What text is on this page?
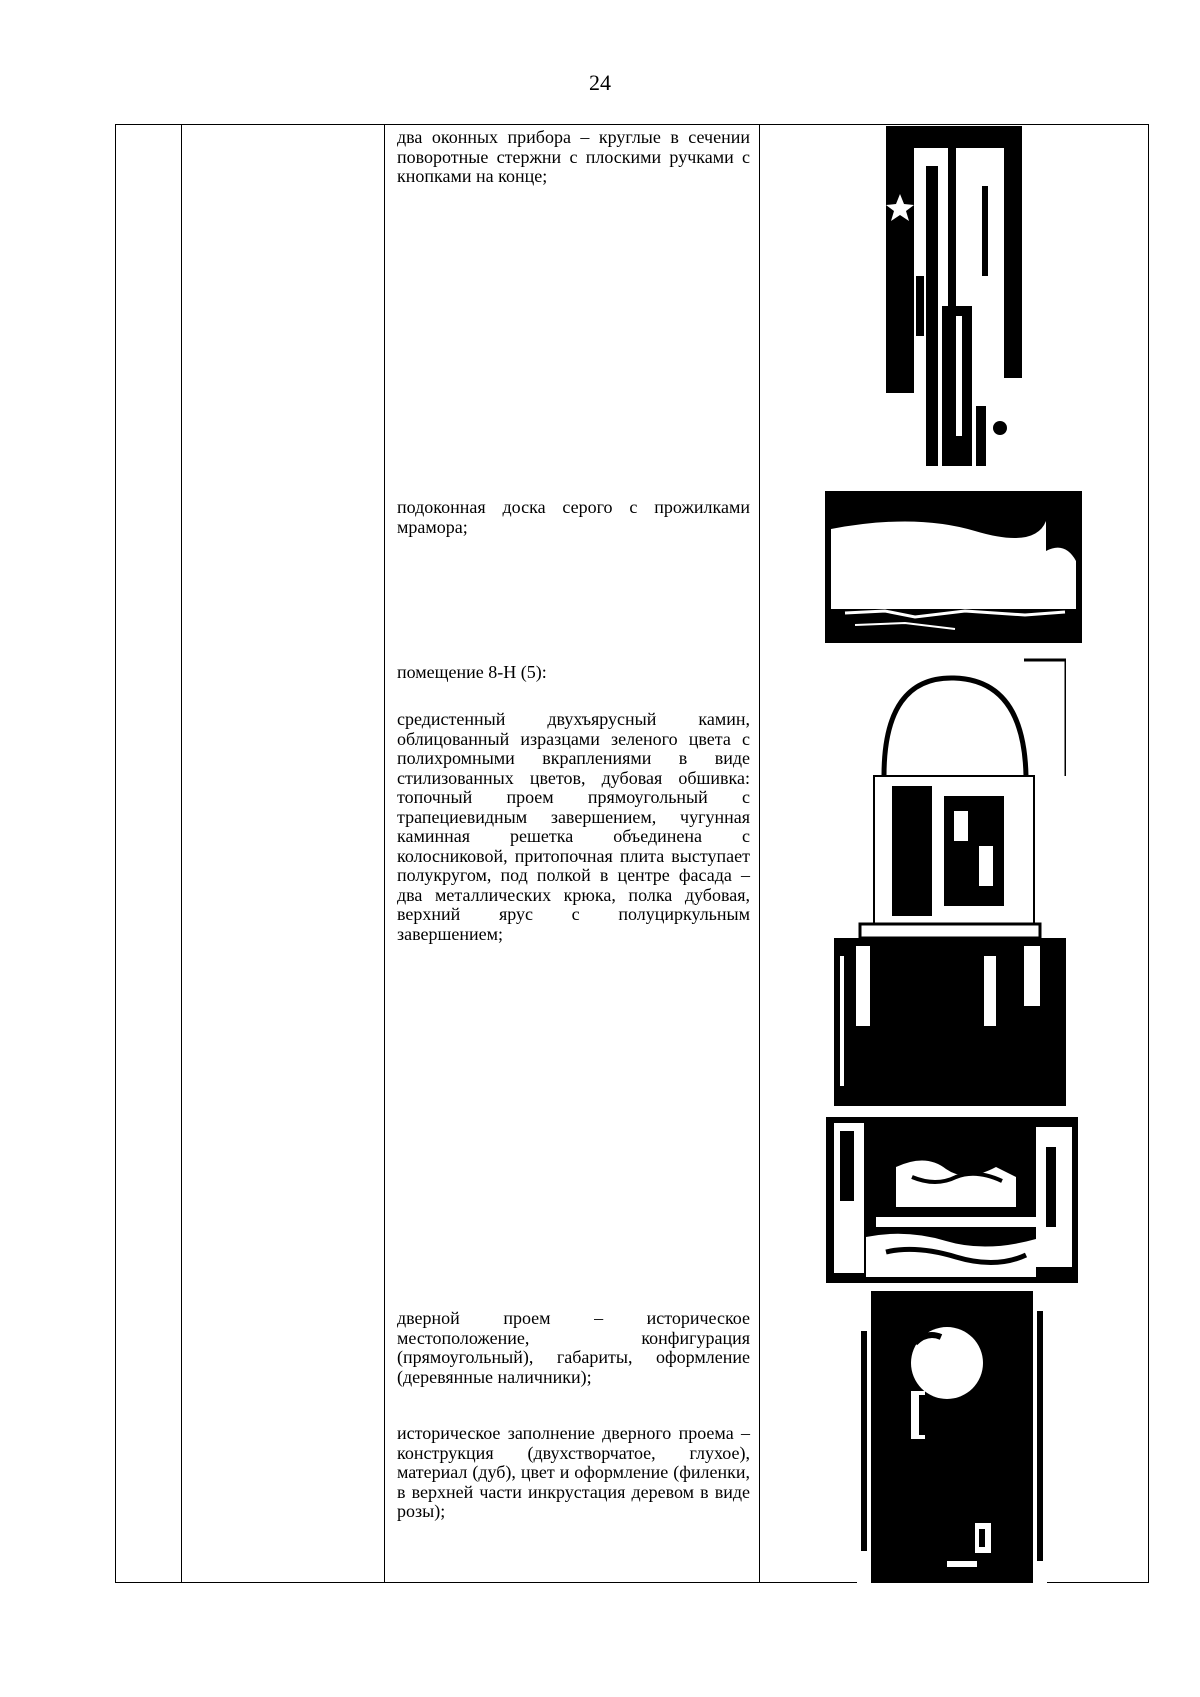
24

два оконных прибора – круглые в сечении поворотные стержни с плоскими ручками с кнопками на конце;

подоконная доска серого с прожилками мрамора;

помещение 8-Н (5):

средистенный двухъярусный камин, облицованный изразцами зеленого цвета с полихромными вкраплениями в виде стилизованных цветов, дубовая обшивка: топочный проем прямоугольный с трапециевидным завершением, чугунная каминная решетка объединена с колосниковой, притопочная плита выступает полукругом, под полкой в центре фасада – два металлических крюка, полка дубовая, верхний ярус с полуциркульным завершением;

дверной проем – историческое местоположение, конфигурация (прямоугольный), габариты, оформление (деревянные наличники);

историческое заполнение дверного проема – конструкция (двухстворчатое, глухое), материал (дуб), цвет и оформление (филенки, в верхней части инкрустация деревом в виде розы);
